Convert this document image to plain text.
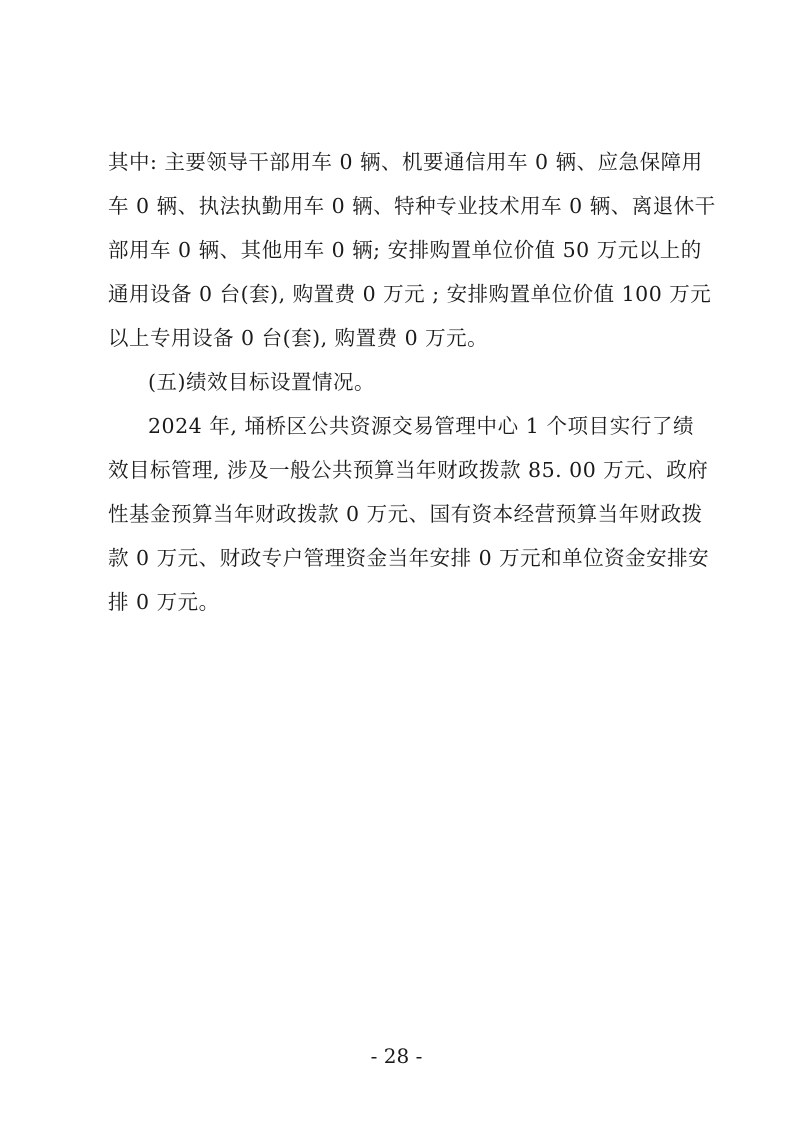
其中: 主要领导干部用车 0 辆、机要通信用车 0 辆、应急保障用
车 0 辆、执法执勤用车 0 辆、特种专业技术用车 0 辆、离退休干
部用车 0 辆、其他用车 0 辆; 安排购置单位价值 50 万元以上的
通用设备 0 台(套), 购置费 0 万元 ; 安排购置单位价值 100 万元
以上专用设备 0 台(套), 购置费 0 万元。
(五)绩效目标设置情况。
2024 年, 埇桥区公共资源交易管理中心 1 个项目实行了绩
效目标管理, 涉及一般公共预算当年财政拨款 85. 00 万元、政府
性基金预算当年财政拨款 0 万元、国有资本经营预算当年财政拨
款 0 万元、财政专户管理资金当年安排 0 万元和单位资金安排安
排 0 万元。
- 28 -
